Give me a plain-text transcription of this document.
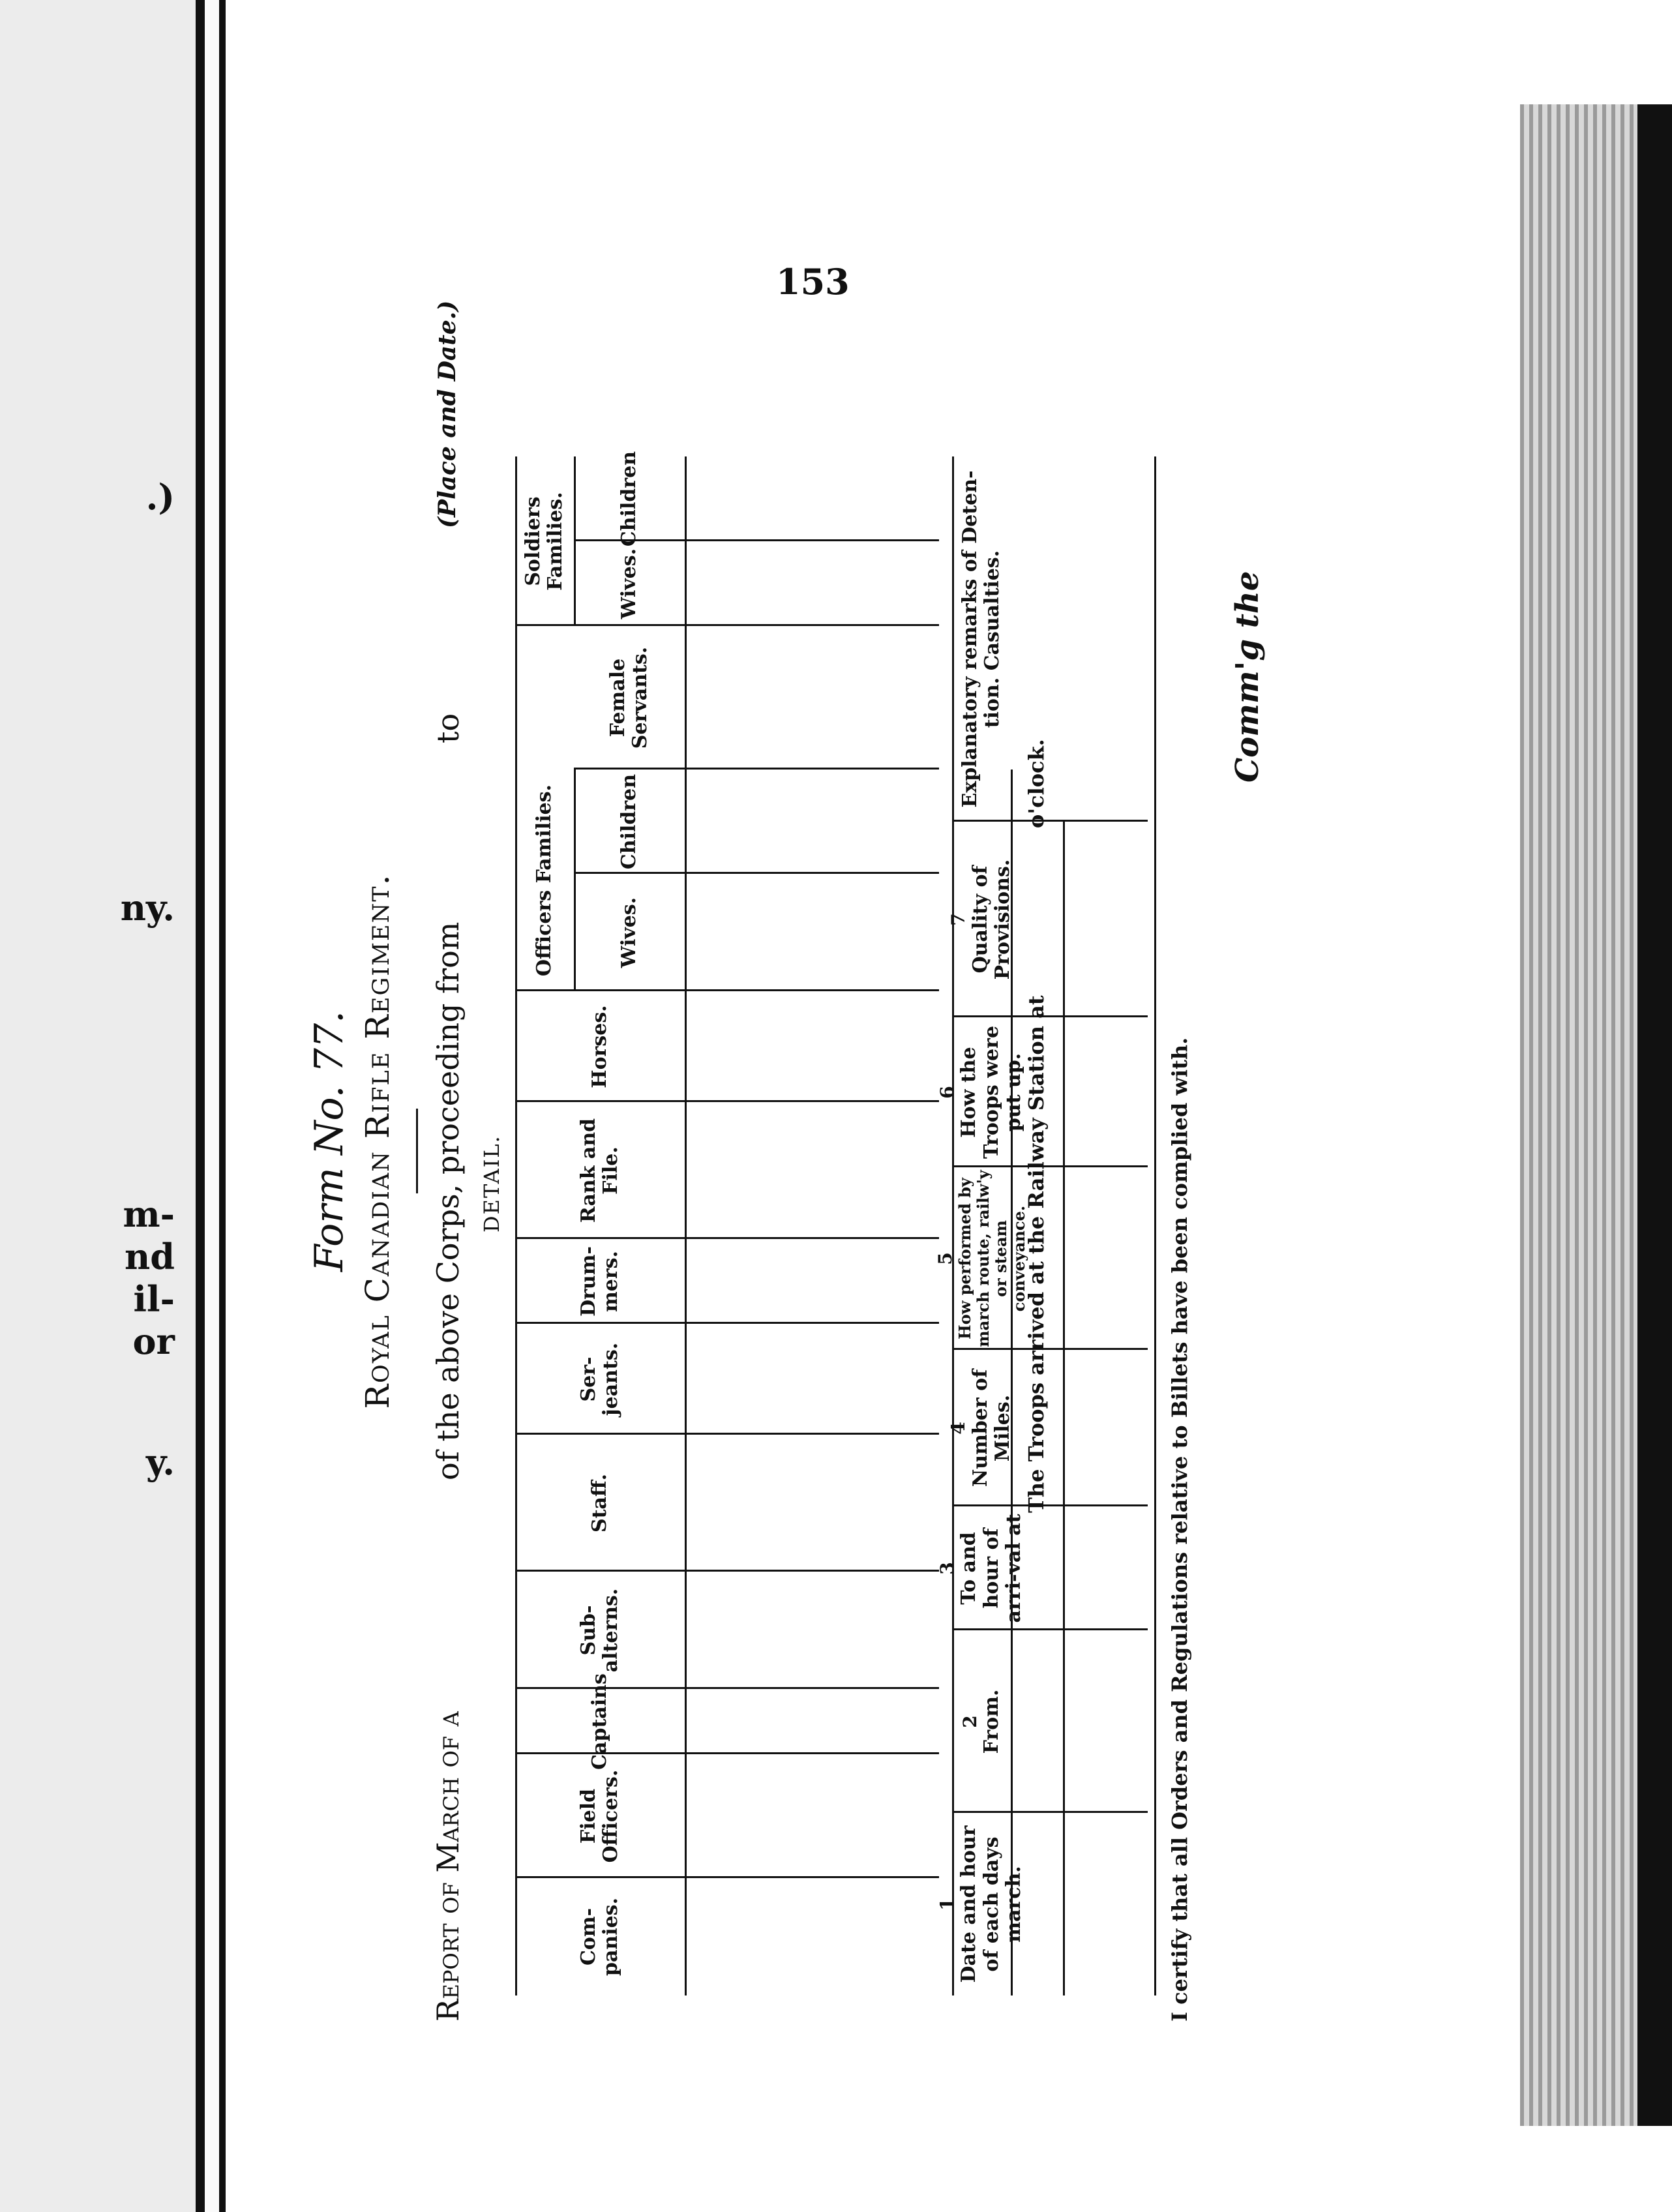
.)
ny.
m-
nd
il-
or
y.
153
Form No. 77. Royal Canadian Rifle Regiment.
Report of March of a
of the above Corps, proceeding from
to
(Place and Date.)
DETAIL.
Com-panies.
Field Officers.
Captains
Sub-alterns.
Staff.
Ser-jeants.
Drum-mers.
Rank and File.
Horses.
Officers Families.	Wives.
Children
Female Servants.
Soldiers Families.	Wives.
Children
1 Date and hour of each days march.
2 From.
3 To and hour of arri-val at
4 Number of Miles.
5 How performed by march route, railw'y or steam conveyance.
6 How the Troops were put up.
7 Quality of Provisions.
Explanatory remarks of Deten-tion. Casualties.
The Troops arrived at the Railway Station at
o'clock.
I certify that all Orders and Regulations relative to Billets have been complied with.
Comm'g the
